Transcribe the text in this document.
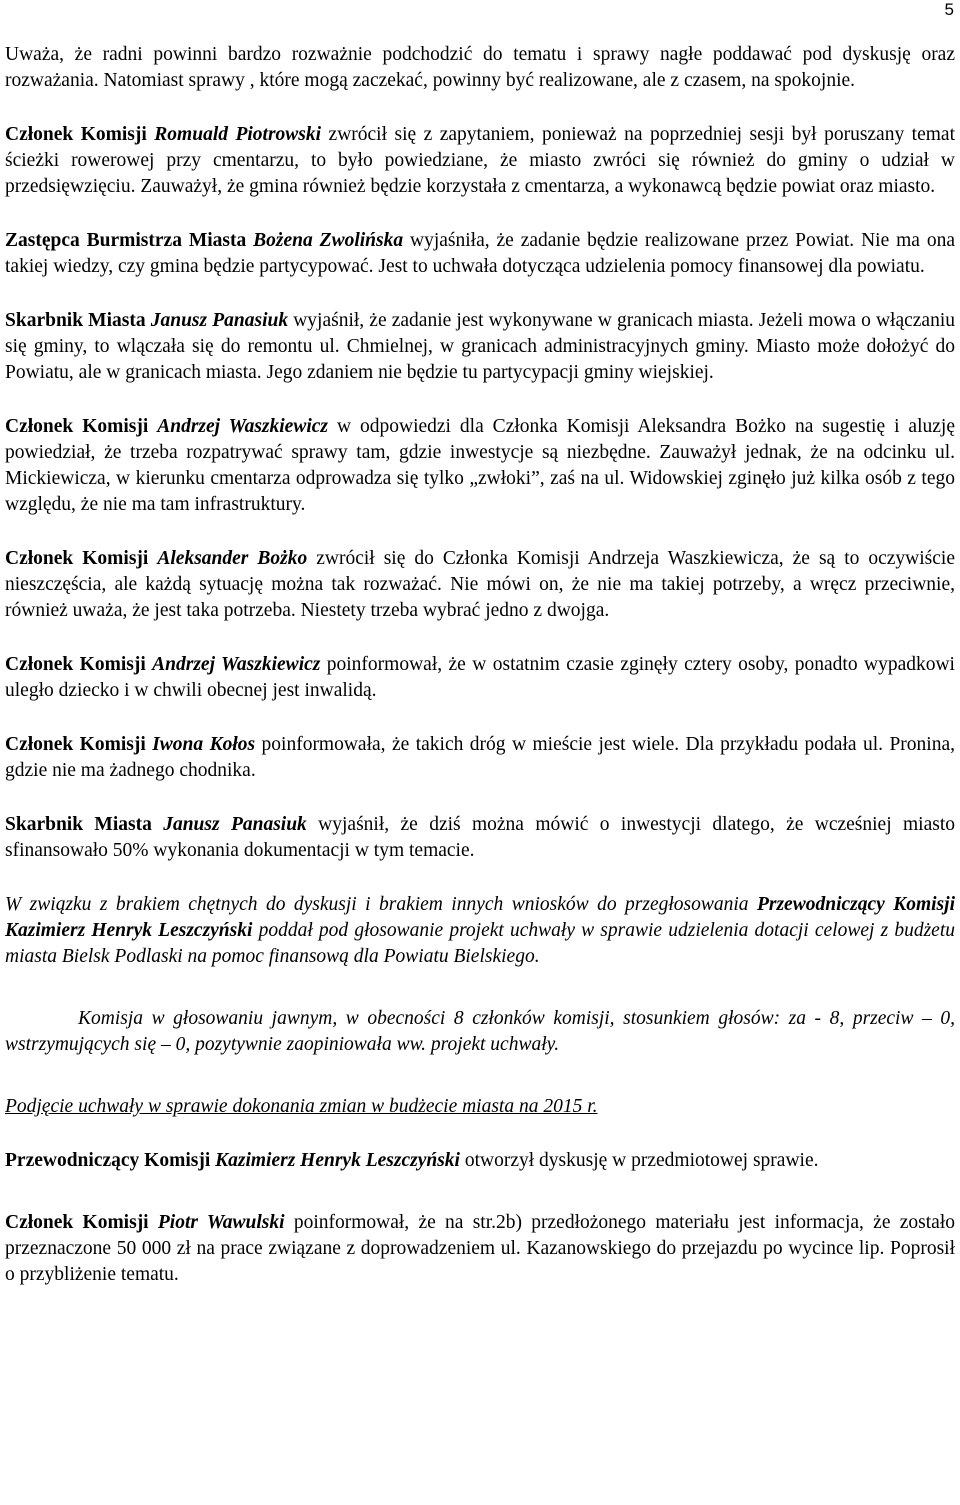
5

Uważa, że radni powinni bardzo rozważnie podchodzić do tematu i sprawy nagłe poddawać pod dyskusję oraz rozważania. Natomiast sprawy , które mogą zaczekać, powinny być realizowane, ale z czasem, na spokojnie.

Członek Komisji Romuald Piotrowski zwrócił się z zapytaniem, ponieważ na poprzedniej sesji był poruszany temat ścieżki rowerowej przy cmentarzu, to było powiedziane, że miasto zwróci się również do gminy o udział w przedsięwzięciu. Zauważył, że gmina również będzie korzystała z cmentarza, a wykonawcą będzie powiat oraz miasto.

Zastępca Burmistrza Miasta Bożena Zwolińska wyjaśniła, że zadanie będzie realizowane przez Powiat. Nie ma ona takiej wiedzy, czy gmina będzie partycypować. Jest to uchwała dotycząca udzielenia pomocy finansowej dla powiatu.

Skarbnik Miasta Janusz Panasiuk wyjaśnił, że zadanie jest wykonywane w granicach miasta. Jeżeli mowa o włączaniu się gminy, to wlączała się do remontu ul. Chmielnej, w granicach administracyjnych gminy. Miasto może dołożyć do Powiatu, ale w granicach miasta. Jego zdaniem nie będzie tu partycypacji gminy wiejskiej.

Członek Komisji Andrzej Waszkiewicz w odpowiedzi dla Członka Komisji Aleksandra Bożko na sugestię i aluzję powiedział, że trzeba rozpatrywać sprawy tam, gdzie inwestycje są niezbędne. Zauważył jednak, że na odcinku ul. Mickiewicza, w kierunku cmentarza odprowadza się tylko „zwłoki”, zaś na ul. Widowskiej zginęło już kilka osób z tego względu, że nie ma tam infrastruktury.

Członek Komisji Aleksander Bożko zwrócił się do Członka Komisji Andrzeja Waszkiewicza, że są to oczywiście nieszczęścia, ale każdą sytuację można tak rozważać. Nie mówi on, że nie ma takiej potrzeby, a wręcz przeciwnie, również uważa, że jest taka potrzeba. Niestety trzeba wybrać jedno z dwojga.

Członek Komisji Andrzej Waszkiewicz poinformował, że w ostatnim czasie zginęły cztery osoby, ponadto wypadkowi uległo dziecko i w chwili obecnej jest inwalidą.

Członek Komisji Iwona Kołos poinformowała, że takich dróg w mieście jest wiele. Dla przykładu podała ul. Pronina, gdzie nie ma żadnego chodnika.

Skarbnik Miasta Janusz Panasiuk wyjaśnił, że dziś można mówić o inwestycji dlatego, że wcześniej miasto sfinansowało 50% wykonania dokumentacji w tym temacie.

W związku z brakiem chętnych do dyskusji i brakiem innych wniosków do przegłosowania Przewodniczący Komisji Kazimierz Henryk Leszczyński poddał pod głosowanie projekt uchwały w sprawie udzielenia dotacji celowej z budżetu miasta Bielsk Podlaski na pomoc finansową dla Powiatu Bielskiego.

Komisja w głosowaniu jawnym, w obecności 8 członków komisji, stosunkiem głosów: za - 8, przeciw – 0, wstrzymujących się – 0, pozytywnie zaopiniowała ww. projekt uchwały.

Podjęcie uchwały w sprawie dokonania zmian w budżecie miasta na 2015 r.

Przewodniczący Komisji Kazimierz Henryk Leszczyński otworzył dyskusję w przedmiotowej sprawie.

Członek Komisji Piotr Wawulski poinformował, że na str.2b) przedłożonego materiału jest informacja, że zostało przeznaczone 50 000 zł na prace związane z doprowadzeniem ul. Kazanowskiego do przejazdu po wycince lip. Poprosił o przybliżenie tematu.
